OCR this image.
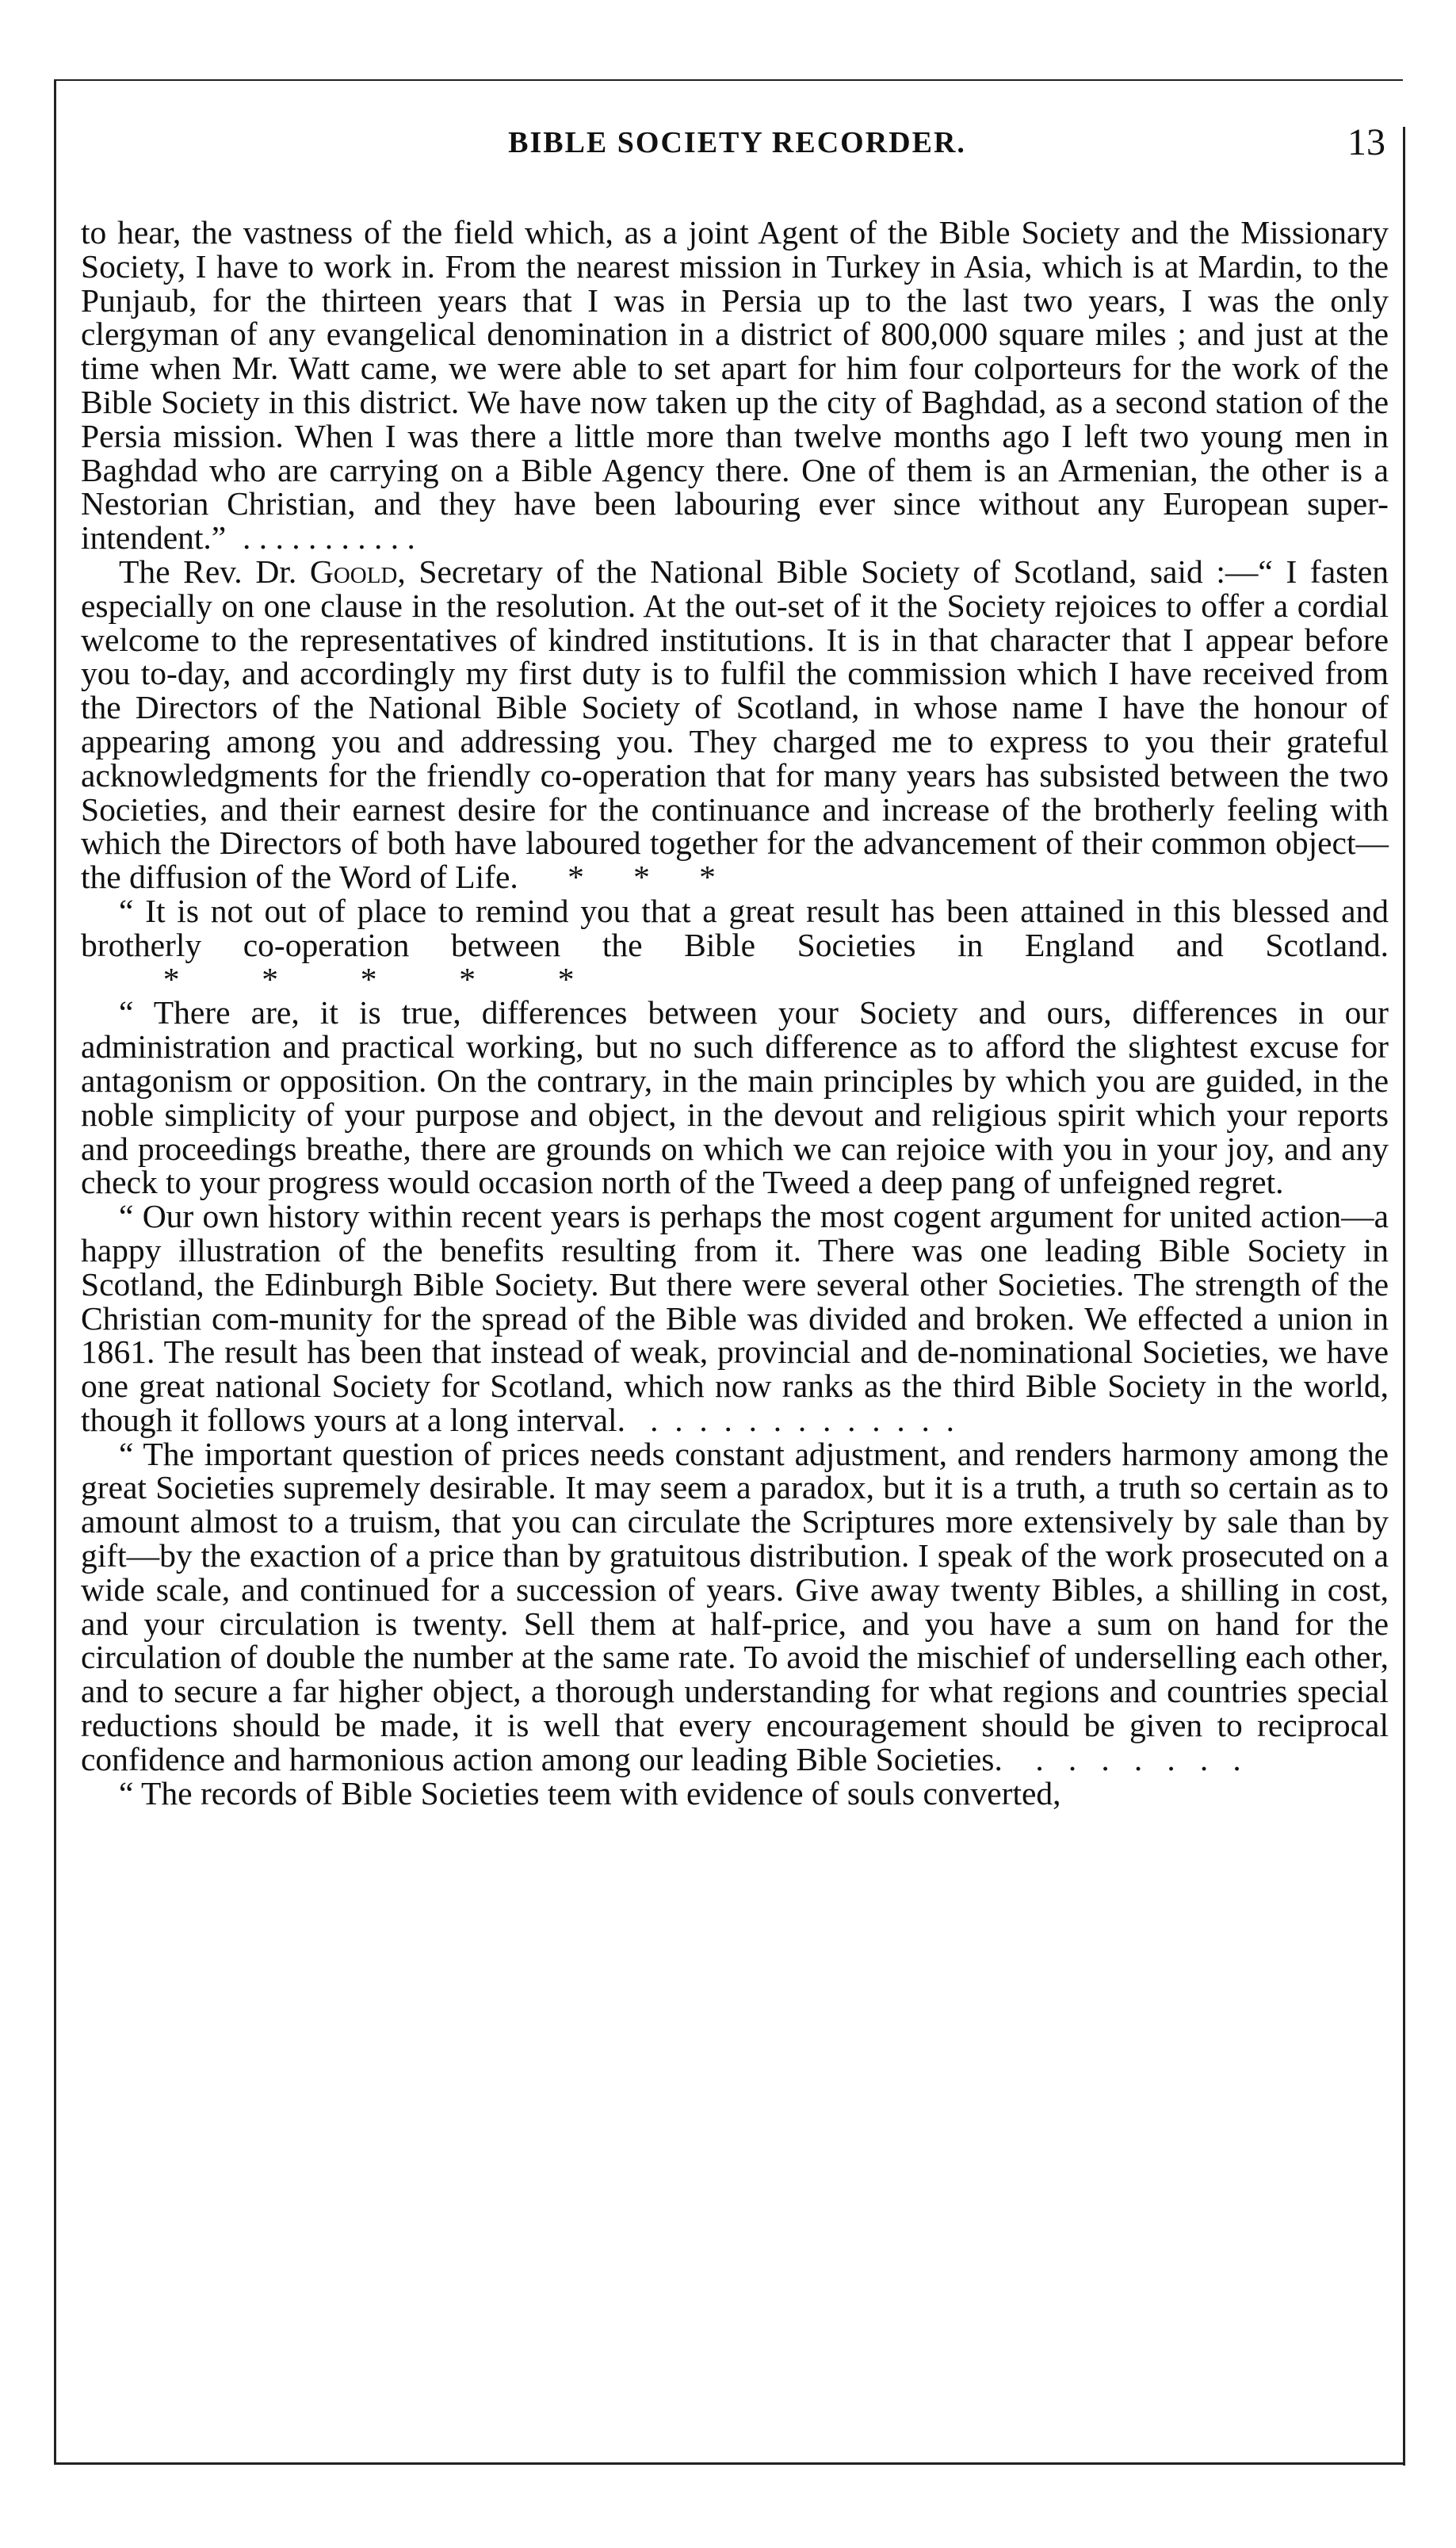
BIBLE SOCIETY RECORDER.	13

to hear, the vastness of the field which, as a joint Agent of the Bible Society and the Missionary Society, I have to work in. From the nearest mission in Turkey in Asia, which is at Mardin, to the Punjaub, for the thirteen years that I was in Persia up to the last two years, I was the only clergyman of any evangelical denomination in a district of 800,000 square miles ; and just at the time when Mr. Watt came, we were able to set apart for him four colporteurs for the work of the Bible Society in this district. We have now taken up the city of Baghdad, as a second station of the Persia mission. When I was there a little more than twelve months ago I left two young men in Baghdad who are carrying on a Bible Agency there. One of them is an Armenian, the other is a Nestorian Christian, and they have been labouring ever since without any European super-intendent.”  . . . . . . . . . . .

The Rev. Dr. Goold, Secretary of the National Bible Society of Scotland, said :—“ I fasten especially on one clause in the resolution. At the out-set of it the Society rejoices to offer a cordial welcome to the representatives of kindred institutions. It is in that character that I appear before you to-day, and accordingly my first duty is to fulfil the commission which I have received from the Directors of the National Bible Society of Scotland, in whose name I have the honour of appearing among you and addressing you. They charged me to express to you their grateful acknowledgments for the friendly co-operation that for many years has subsisted between the two Societies, and their earnest desire for the continuance and increase of the brotherly feeling with which the Directors of both have laboured together for the advancement of their common object—the diffusion of the Word of Life.      *      *      *

“ It is not out of place to remind you that a great result has been attained in this blessed and brotherly co-operation between the Bible Societies in England and Scotland.           *          *          *          *          *

“ There are, it is true, differences between your Society and ours, differences in our administration and practical working, but no such difference as to afford the slightest excuse for antagonism or opposition. On the contrary, in the main principles by which you are guided, in the noble simplicity of your purpose and object, in the devout and religious spirit which your reports and proceedings breathe, there are grounds on which we can rejoice with you in your joy, and any check to your progress would occasion north of the Tweed a deep pang of unfeigned regret.

“ Our own history within recent years is perhaps the most cogent argument for united action—a happy illustration of the benefits resulting from it. There was one leading Bible Society in Scotland, the Edinburgh Bible Society. But there were several other Societies. The strength of the Christian com-munity for the spread of the Bible was divided and broken. We effected a union in 1861. The result has been that instead of weak, provincial and de-nominational Societies, we have one great national Society for Scotland, which now ranks as the third Bible Society in the world, though it follows yours at a long interval.   .  .  .  .  .  .  .  .  .  .  .  .  .

“ The important question of prices needs constant adjustment, and renders harmony among the great Societies supremely desirable. It may seem a paradox, but it is a truth, a truth so certain as to amount almost to a truism, that you can circulate the Scriptures more extensively by sale than by gift—by the exaction of a price than by gratuitous distribution. I speak of the work prosecuted on a wide scale, and continued for a succession of years. Give away twenty Bibles, a shilling in cost, and your circulation is twenty. Sell them at half-price, and you have a sum on hand for the circulation of double the number at the same rate. To avoid the mischief of underselling each other, and to secure a far higher object, a thorough understanding for what regions and countries special reductions should be made, it is well that every encouragement should be given to reciprocal confidence and harmonious action among our leading Bible Societies.    .   .   .   .   .   .   .

“ The records of Bible Societies teem with evidence of souls converted,
